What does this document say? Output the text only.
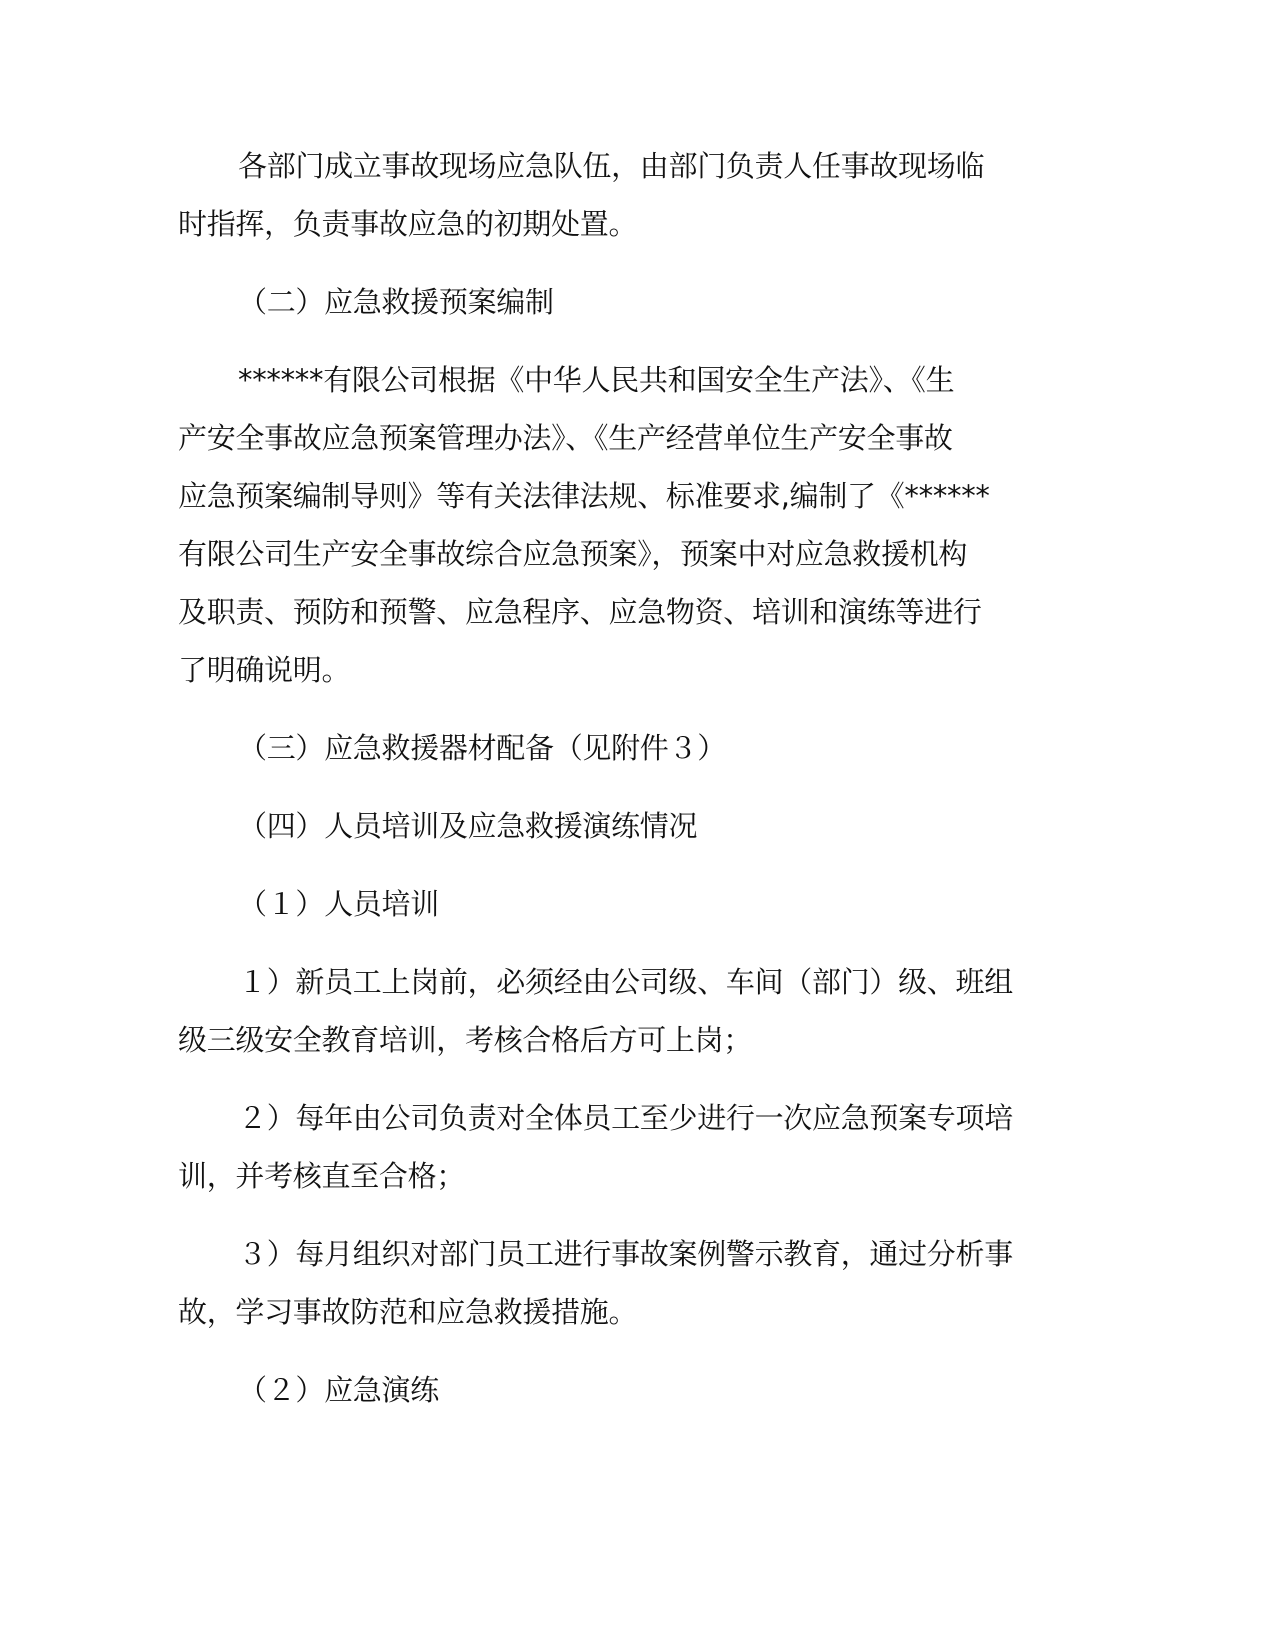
各部门成立事故现场应急队伍，由部门负责人任事故现场临
时指挥，负责事故应急的初期处置。

（二）应急救援预案编制

******有限公司根据《中华人民共和国安全生产法》、《生
产安全事故应急预案管理办法》、《生产经营单位生产安全事故
应急预案编制导则》等有关法律法规、标准要求,编制了《******
有限公司生产安全事故综合应急预案》，预案中对应急救援机构
及职责、预防和预警、应急程序、应急物资、培训和演练等进行
了明确说明。

（三）应急救援器材配备（见附件３）

（四）人员培训及应急救援演练情况

（１）人员培训

１）新员工上岗前，必须经由公司级、车间（部门）级、班组
级三级安全教育培训，考核合格后方可上岗；

２）每年由公司负责对全体员工至少进行一次应急预案专项培
训，并考核直至合格；

３）每月组织对部门员工进行事故案例警示教育，通过分析事
故，学习事故防范和应急救援措施。

（２）应急演练
